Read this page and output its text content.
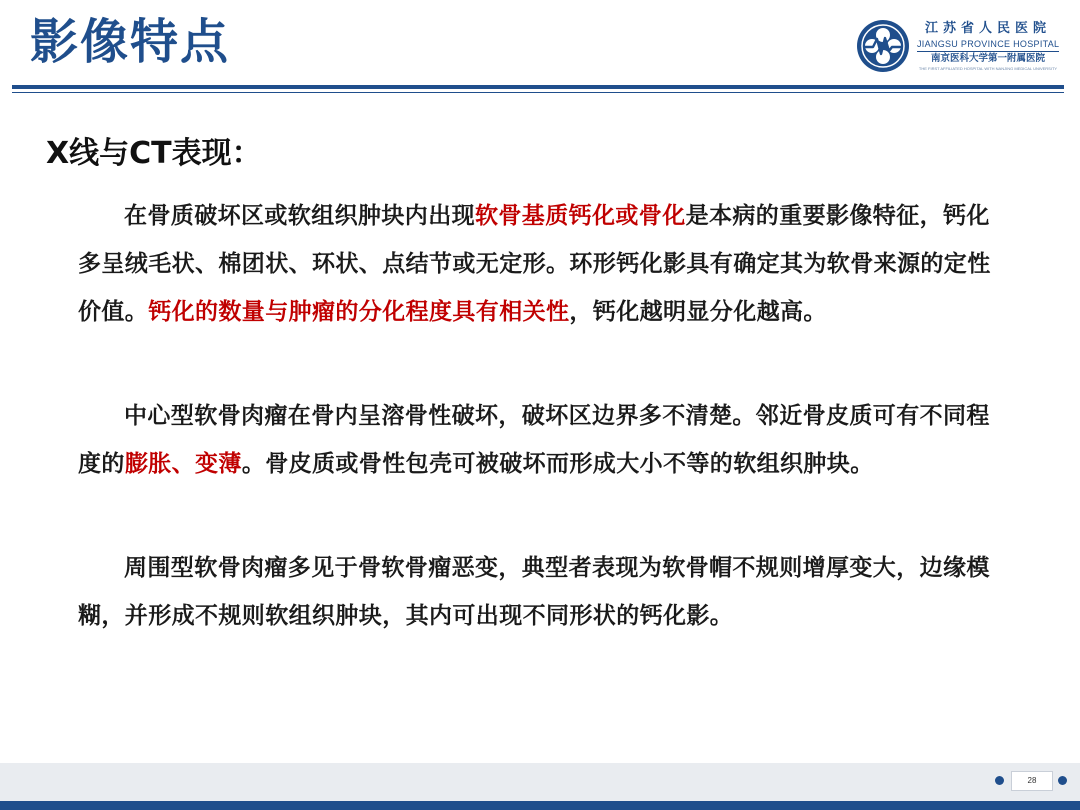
影像特点	江苏省人民医院
JIANGSU PROVINCE HOSPITAL
南京医科大学第一附属医院
THE FIRST AFFILIATED HOSPITAL WITH NANJING MEDICAL UNIVERSITY
X线与CT表现：

在骨质破坏区或软组织肿块内出现软骨基质钙化或骨化是本病的重要影像特征，钙化多呈绒毛状、棉团状、环状、点结节或无定形。环形钙化影具有确定其为软骨来源的定性价值。钙化的数量与肿瘤的分化程度具有相关性，钙化越明显分化越高。

中心型软骨肉瘤在骨内呈溶骨性破坏，破坏区边界多不清楚。邻近骨皮质可有不同程度的膨胀、变薄。骨皮质或骨性包壳可被破坏而形成大小不等的软组织肿块。

周围型软骨肉瘤多见于骨软骨瘤恶变，典型者表现为软骨帽不规则增厚变大，边缘模糊，并形成不规则软组织肿块，其内可出现不同形状的钙化影。

28
